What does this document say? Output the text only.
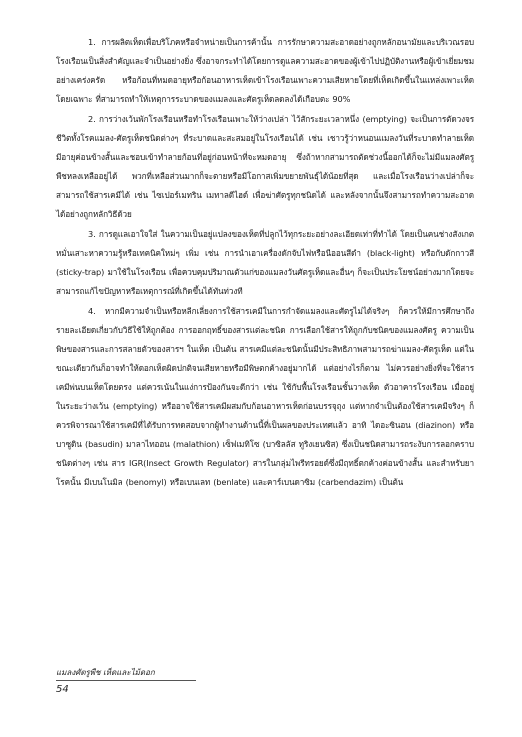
1. การผลิตเห็ดเพื่อบริโภคหรือจำหน่ายเป็นการค้านั้น การรักษาความสะอาดอย่างถูกหลักอนามัยและบริเวณรอบโรงเรือนเป็นสิ่งสำคัญและจำเป็นอย่างยิ่ง ซึ่งอาจกระทำได้โดยการดูแลความสะอาดของผู้เข้าไปปฏิบัติงานหรือผู้เข้าเยี่ยมชมอย่างเคร่งครัด หรือก้อนที่หมดอายุหรือก้อนอาหารเห็ดเข้าโรงเรือนเพาะความเสียหายโดยที่เห็ดเกิดขึ้นในแหล่งเพาะเห็ดโดยเฉพาะ ที่สามารถทำให้เหตุการระบาดของแมลงและศัตรูเห็ดลดลงได้เกือบตะ 90%

2. การว่างเว้นพักโรงเรือนหรือทำโรงเรือนเพาะให้ว่างเปล่า ไว้สักระยะเวลาหนึ่ง (emptying) จะเป็นการตัดวงจรชีวิตทั้งโรคแมลง-ศัตรูเห็ดชนิดต่างๆ ที่ระบาดและสะสมอยู่ในโรงเรือนได้ เช่น เชาวรู้ว่าหนอนแมลงวันที่ระบาดทำลายเห็ดมีอายุค่อนข้างสั้นและชอบเข้าทำลายก้อนที่อยู่ก่อนหน้าที่จะหมดอายุ ซึ่งถ้าหากสามารถตัดช่วงนี้ออกได้ก็จะไม่มีแมลงศัตรูพืชหลงเหลืออยู่ได้ พวกที่เหลือส่วนมากก็จะตายหรือมีโอกาสเพิ่มขยายพันธุ์ได้น้อยที่สุด และเมื่อโรงเรือนว่างเปล่าก็จะสามารถใช้สารเคมีได้ เช่น ไซเปอร์เมทริน เมทาลดีไฮด์ เพื่อฆ่าศัตรูทุกชนิดได้ และหลังจากนั้นจึงสามารถทำความสะอาดได้อย่างถูกหลักวิธีด้วย

3. การดูแลเอาใจใส่ ในความเป็นอยู่แปลงของเห็ดที่ปลูกไว้ทุกระยะอย่างละเอียดเท่าที่ทำได้ โดยเป็นคนช่างสังเกต หมั่นเสาะหาความรู้หรือเทคนิคใหม่ๆ เพิ่ม เช่น การนำเอาเครื่องดักจับไฟหรือนีออนสีดำ (black-light) หรือกับดักกาวสี (sticky-trap) มาใช้ในโรงเรือน เพื่อควบคุมปริมาณตัวแก่ของแมลงวันศัตรูเห็ดและอื่นๆ ก็จะเป็นประโยชน์อย่างมากโดยจะสามารถแก้ไขปัญหาหรือเหตุการณ์ที่เกิดขึ้นได้ทันท่วงที

4. หากมีความจำเป็นหรือหลีกเลี่ยงการใช้สารเคมีในการกำจัดแมลงและศัตรูไม่ได้จริงๆ ก็ควรให้มีการศึกษาถึงรายละเอียดเกี่ยวกับวิธีใช้ให้ถูกต้อง การออกฤทธิ์ของสารแต่ละชนิด การเลือกใช้สารให้ถูกกับชนิดของแมลงศัตรู ความเป็นพิษของสารและการสลายตัวของสารฯ ในเห็ด เป็นต้น สารเคมีแต่ละชนิดนั้นมีประสิทธิภาพสามารถฆ่าแมลง-ศัตรูเห็ด แต่ในขณะเดียวกันก็อาจทำให้ดอกเห็ดผิดปกติจนเสียหายหรือมีพิษตกค้างอยู่มากได้ แต่อย่างไรก็ตาม ไม่ควรอย่างยิ่งที่จะใช้สารเคมีพ่นบนเห็ดโดยตรง แต่ควรเน้นในแง่การป้องกันจะดีกว่า เช่น ใช้กับพื้นโรงเรือนชั้นวางเห็ด ตัวอาคารโรงเรือน เมื่ออยู่ในระยะว่างเว้น (emptying) หรืออาจใช้สารเคมีผสมกับก้อนอาหารเห็ดก่อนบรรจุถุง แต่หากจำเป็นต้องใช้สารเคมีจริงๆ ก็ควรพิจารณาใช้สารเคมีที่ได้รับการทดสอบจากผู้ทำงานด้านนี้ที่เป็นผลของประเทศแล้ว อาทิ ไดอะซินอน (diazinon) หรือบาซูดิน (basudin) มาลาไทออน (malathion) เซ็ฟเมทิโซ (บาซิลลัส ทูริงเยนซิส) ซึ่งเป็นชนิดสามารถระงับการลอกคราบชนิดต่างๆ เช่น สาร IGR(Insect Growth Regulator) สารในกลุ่มไพรีทรอยด์ซึ่งมีฤทธิ์ตกค้างค่อนข้างสั้น และสำหรับยาโรคนั้น มีเบนโนมิล (benomyl) หรือเบนเลท (benlate) และคาร์เบนดาซิม (carbendazim) เป็นต้น

แมลงศัตรูพืช เห็ดและไม้ดอก
54
